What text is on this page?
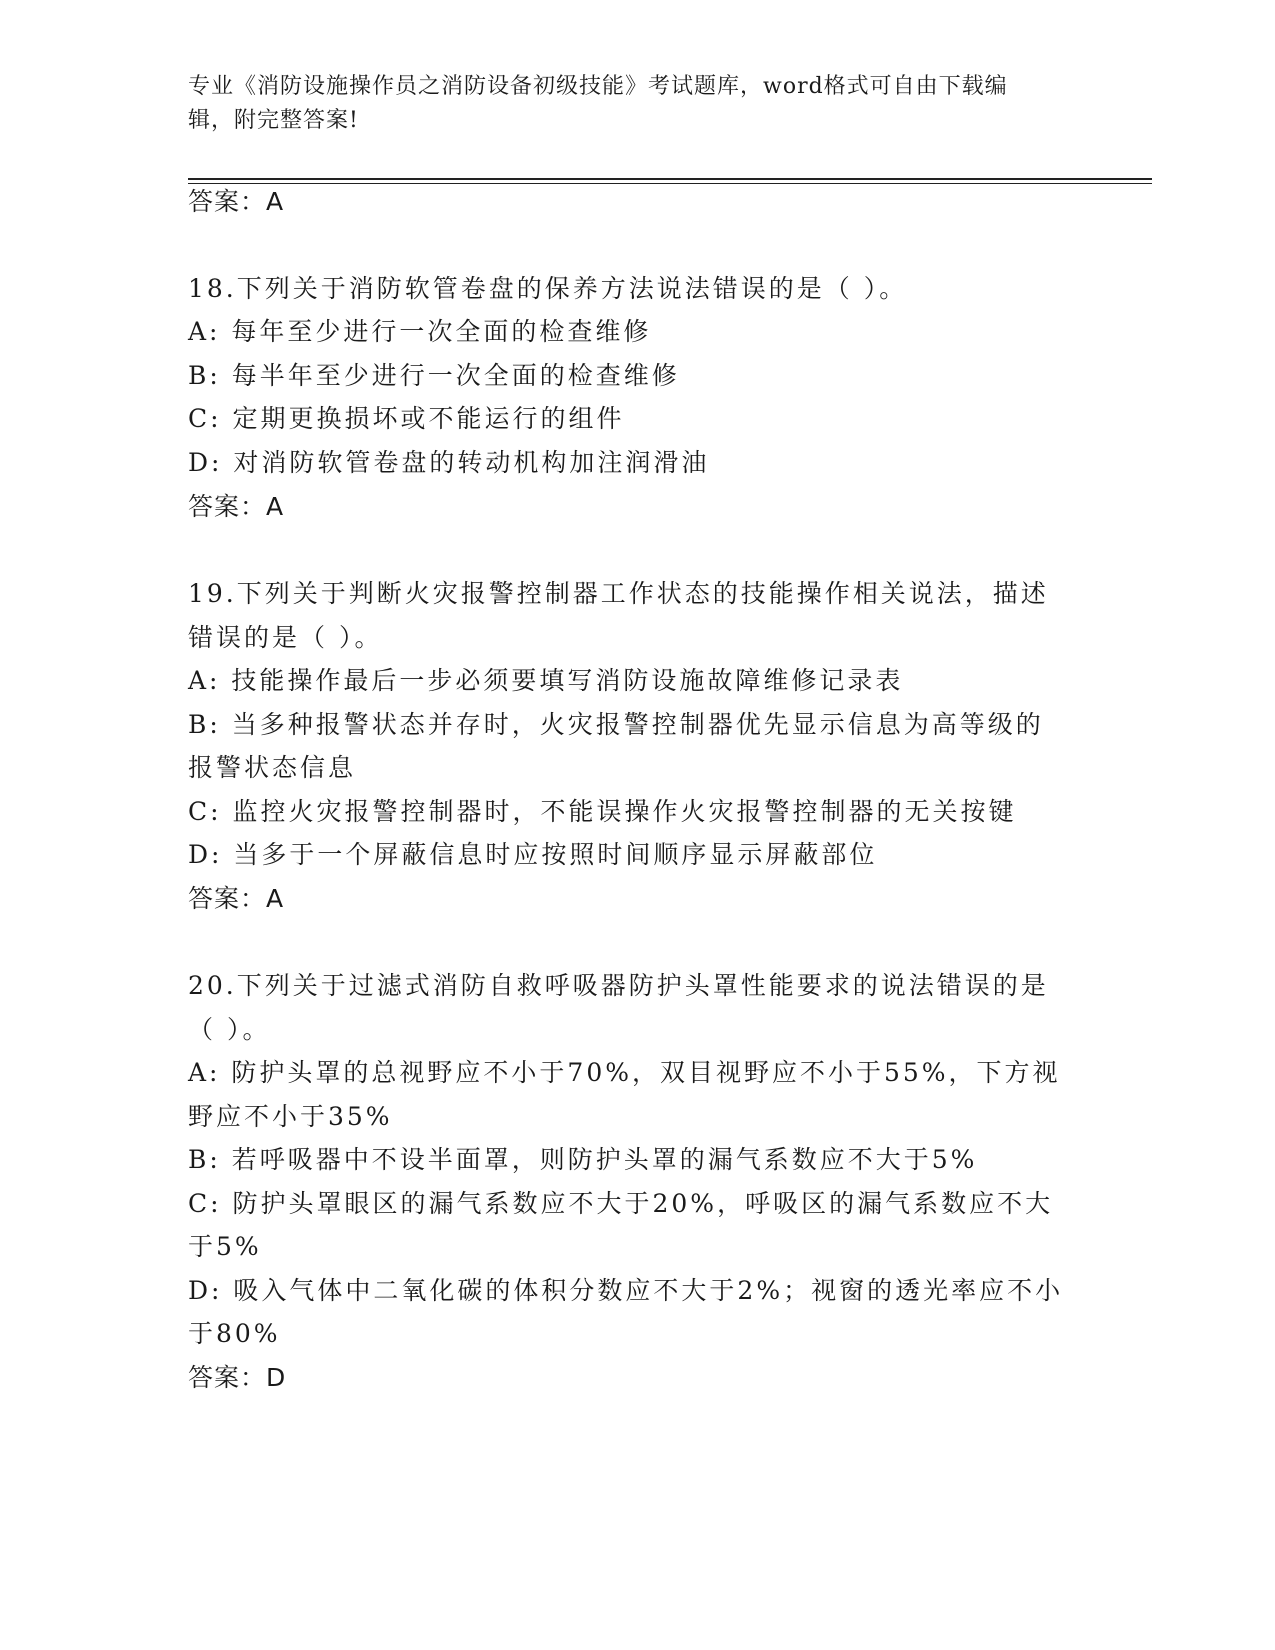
专业《消防设施操作员之消防设备初级技能》考试题库，word格式可自由下载编
辑，附完整答案!
答案：A
18.下列关于消防软管卷盘的保养方法说法错误的是（ ）。
A: 每年至少进行一次全面的检查维修
B: 每半年至少进行一次全面的检查维修
C: 定期更换损坏或不能运行的组件
D: 对消防软管卷盘的转动机构加注润滑油
答案：A
19.下列关于判断火灾报警控制器工作状态的技能操作相关说法，描述
错误的是（ ）。
A: 技能操作最后一步必须要填写消防设施故障维修记录表
B: 当多种报警状态并存时，火灾报警控制器优先显示信息为高等级的
报警状态信息
C: 监控火灾报警控制器时，不能误操作火灾报警控制器的无关按键
D: 当多于一个屏蔽信息时应按照时间顺序显示屏蔽部位
答案：A
20.下列关于过滤式消防自救呼吸器防护头罩性能要求的说法错误的是
（ ）。
A: 防护头罩的总视野应不小于70%，双目视野应不小于55%，下方视
野应不小于35%
B: 若呼吸器中不设半面罩，则防护头罩的漏气系数应不大于5%
C: 防护头罩眼区的漏气系数应不大于20%，呼吸区的漏气系数应不大
于5%
D: 吸入气体中二氧化碳的体积分数应不大于2%；视窗的透光率应不小
于80%
答案：D
